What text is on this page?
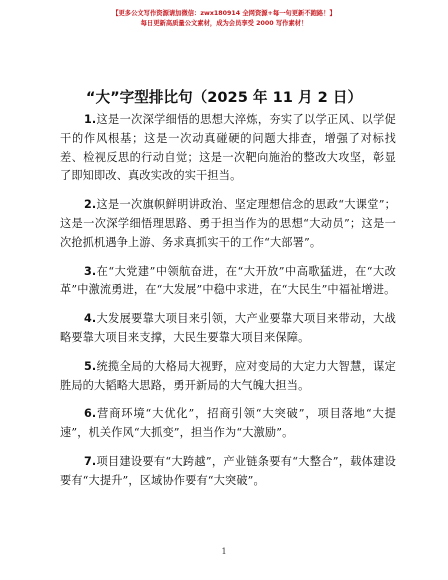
【更多公文写作资源请加微信：zwx180914 全网资源+每一句更新不跑路！】
每日更新高质量公文素材，成为会员享受 2000 写作素材！
“大”字型排比句（2025 年 11 月 2 日）

1.这是一次深学细悟的思想大淬炼，夯实了以学正风、以学促干的作风根基；这是一次动真碰硬的问题大排查，增强了对标找差、检视反思的行动自觉；这是一次靶向施治的整改大攻坚，彰显了即知即改、真改实改的实干担当。

2.这是一次旗帜鲜明讲政治、坚定理想信念的思政“大课堂”；这是一次深学细悟理思路、勇于担当作为的思想“大动员”；这是一次抢抓机遇争上游、务求真抓实干的工作“大部署”。

3.在“大党建”中领航奋进，在“大开放”中高歌猛进，在“大改革”中激流勇进，在“大发展”中稳中求进，在“大民生”中福祉增进。

4.大发展要靠大项目来引领，大产业要靠大项目来带动，大战略要靠大项目来支撑，大民生要靠大项目来保障。

5.统揽全局的大格局大视野，应对变局的大定力大智慧，谋定胜局的大韬略大思路，勇开新局的大气魄大担当。

6.营商环境“大优化”，招商引领“大突破”，项目落地“大提速”，机关作风“大抓变”，担当作为“大激励”。

7.项目建设要有“大跨越”，产业链条要有“大整合”，载体建设要有“大提升”，区域协作要有“大突破”。

1
